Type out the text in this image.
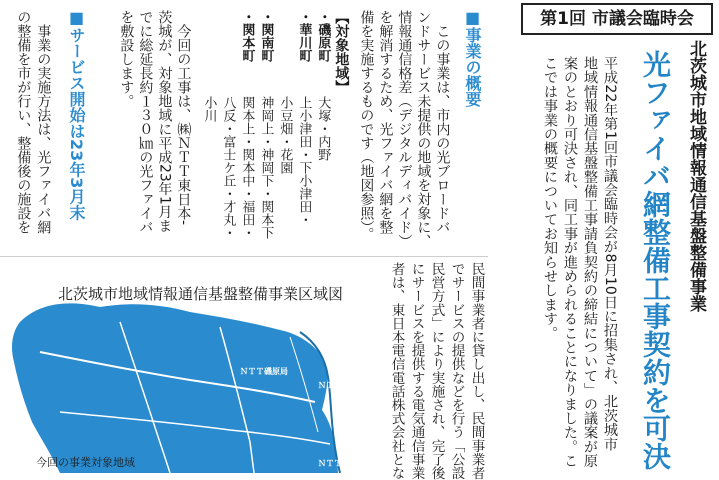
第1回 市議会臨時会
北茨城市地域情報通信基盤整備事業
光ファイバ網整備工事契約を可決

平成22年第1回市議会臨時会が8月10日に招集され、北茨城市

地域情報通信基盤整備工事請負契約の締結について」の議案が原

案のとおり可決され、同工事が進められることになりました。こ

こでは事業の概要についてお知らせします。

■事業の概要

この事業は、市内の光ブロードバ

ンドサービス未提供の地域を対象に、

情報通信格差（デジタルディバイド）

を解消するため、光ファイバ網を整

備を実施するものです（地図参照）。

【対象地域】

・磯原町

大塚・内野

・華川町

上小津田・下小津田・

小豆畑・花園

・関南町

神岡上・神岡下・関本下

・関本町

関本上・関本中・福田・

八反・富士ケ丘・才丸・

小川

今回の工事は、㈱ＮＴＴ東日本-

茨城が、対象地域に平成23年1月ま

でに総延長約１３０㎞の光ファイバ

を敷設します。

■サービス開始は23年3月末

事業の実施方法は、光ファイバ網

の整備を市が行い、整備後の施設を

北茨城市地域情報通信基盤整備事業区域図
ＮＴＴ磯原局
ＮＴＴ大津局
ＮＴＴ北茨城局
今回の事業対象地域	民間事業者に貸し出し、民間事業者

でサービスの提供などを行う「公設

民営方式」により実施され、完了後

にサービスを提供する電気通信事業

者は、東日本電信電話株式会社とな
